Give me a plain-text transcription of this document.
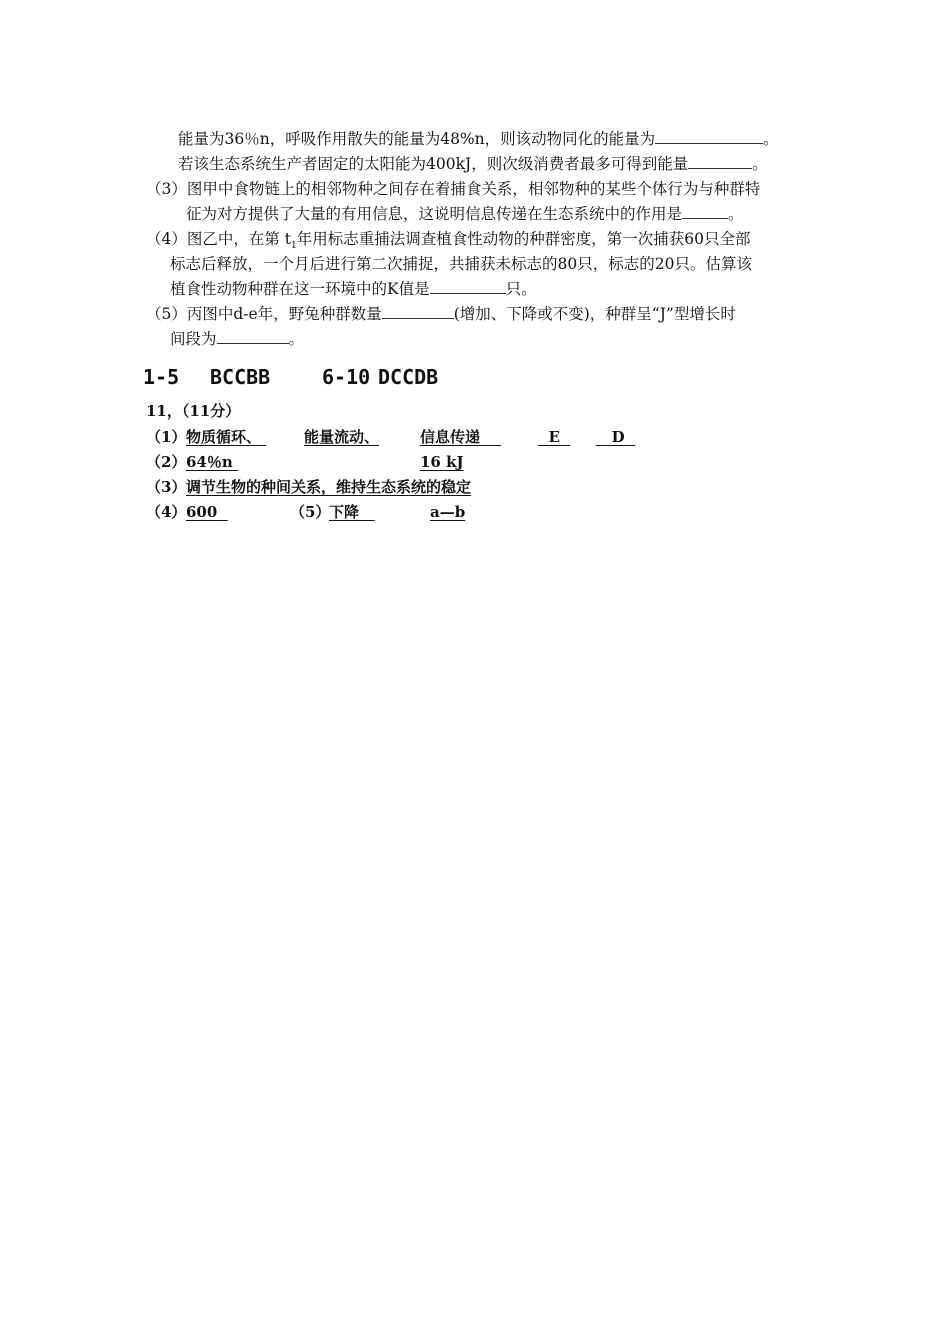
能量为36％n，呼吸作用散失的能量为48%n，则该动物同化的能量为	。
若该生态系统生产者固定的太阳能为400kJ，则次级消费者最多可得到能量	。
（3）图甲中食物链上的相邻物种之间存在着捕食关系，相邻物种的某些个体行为与种群特
征为对方提供了大量的有用信息，这说明信息传递在生态系统中的作用是	。
（4）图乙中，在第 $t_1$年用标志重捕法调查植食性动物的种群密度，第一次捕获60只全部
标志后释放，一个月后进行第二次捕捉，共捕获未标志的80只，标志的20只。估算该
植食性动物种群在这一环境中的K值是	只。
（5）丙图中d-e年，野兔种群数量	(增加、下降或不变)，种群呈“J”型增长时
间段为	。
1-5 BCCBB	6-10 DCCDB
11，（11分）
（1） 物质循环、	能量流动、	信息传递	E	D
（2） 64％n	16 kJ
（3） 调节生物的种间关系，维持生态系统的稳定
（4） 600	（5）
下降	a—b
